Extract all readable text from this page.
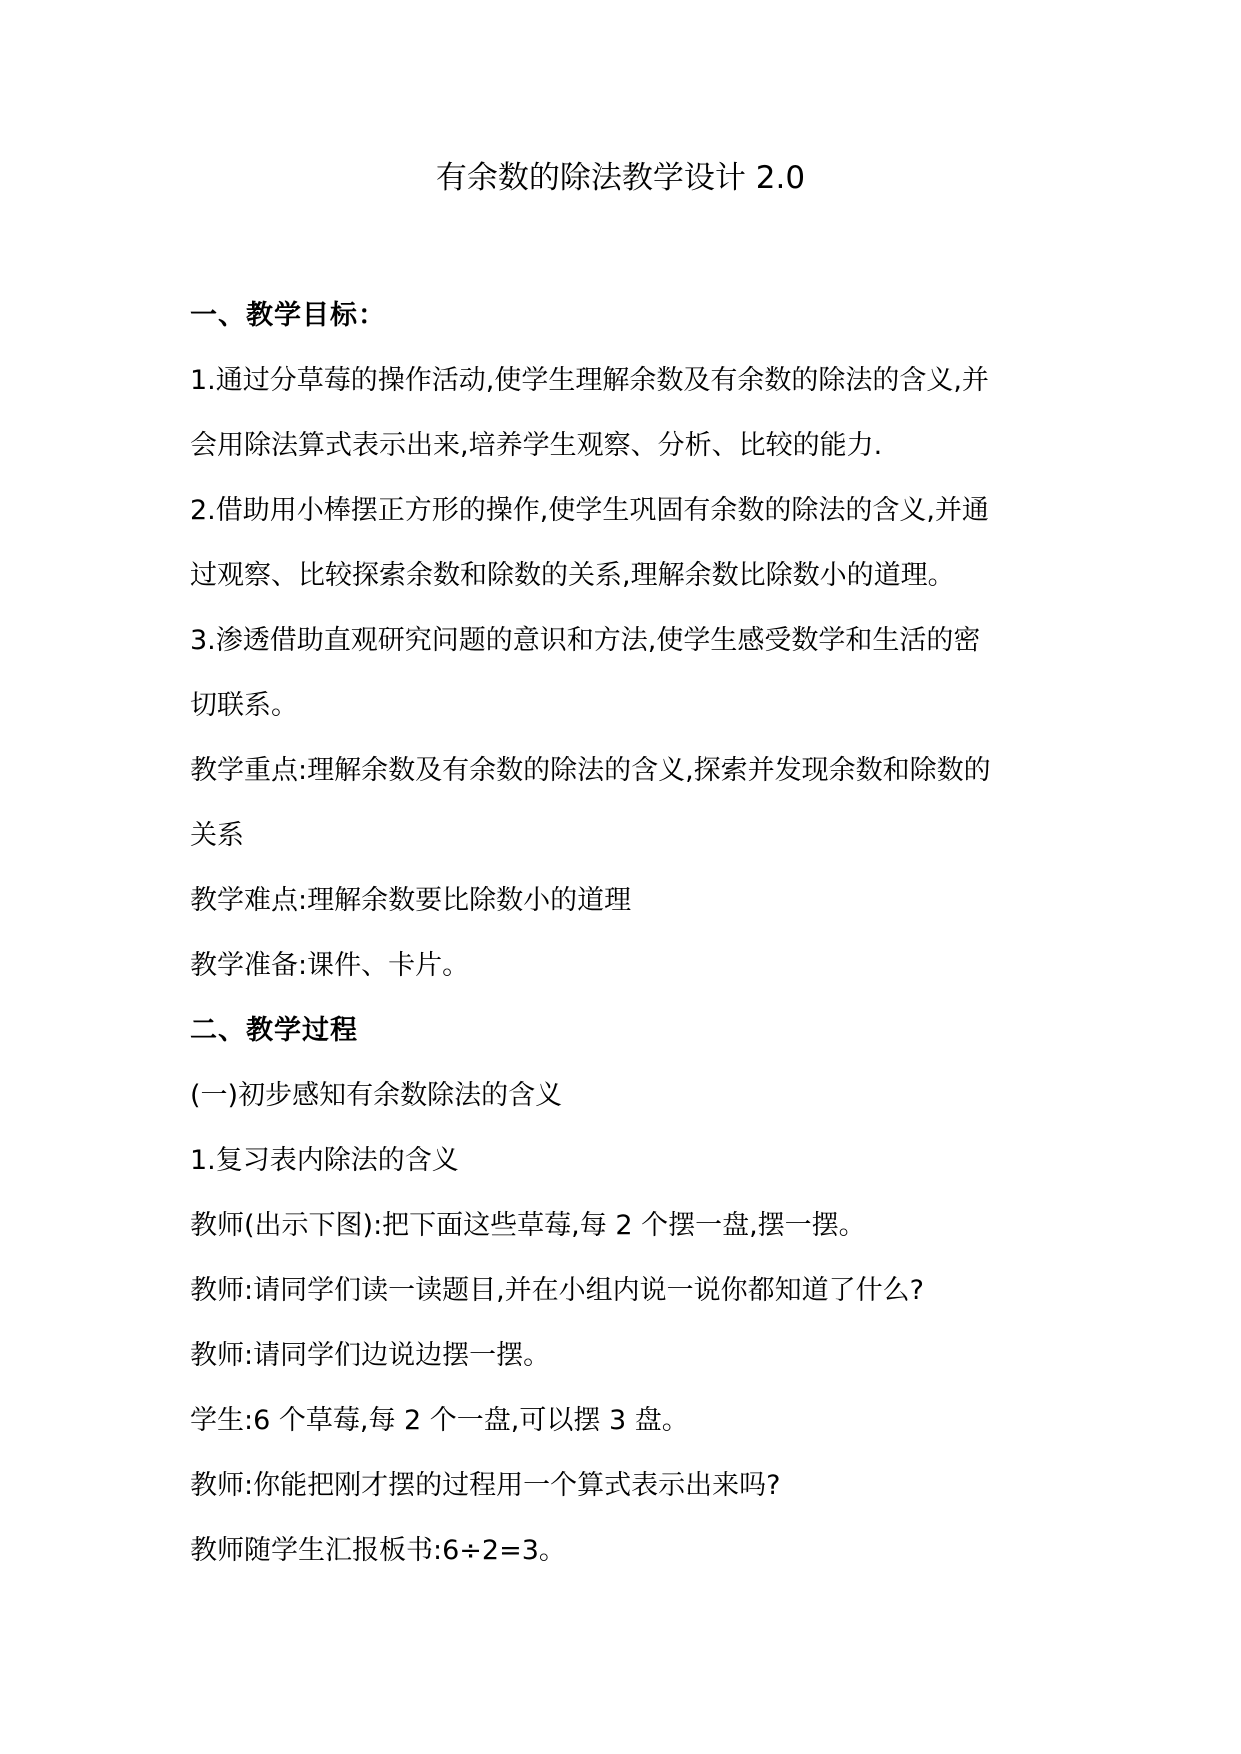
有余数的除法教学设计 2.0
一、教学目标：
1.通过分草莓的操作活动,使学生理解余数及有余数的除法的含义,并
会用除法算式表示出来,培养学生观察、分析、比较的能力.
2.借助用小棒摆正方形的操作,使学生巩固有余数的除法的含义,并通
过观察、比较探索余数和除数的关系,理解余数比除数小的道理。
3.渗透借助直观研究问题的意识和方法,使学生感受数学和生活的密
切联系。
教学重点:理解余数及有余数的除法的含义,探索并发现余数和除数的
关系
教学难点:理解余数要比除数小的道理
教学准备:课件、卡片。
二、教学过程
(一)初步感知有余数除法的含义
1.复习表内除法的含义
教师(出示下图):把下面这些草莓,每 2 个摆一盘,摆一摆。
教师:请同学们读一读题目,并在小组内说一说你都知道了什么?
教师:请同学们边说边摆一摆。
学生:6 个草莓,每 2 个一盘,可以摆 3 盘。
教师:你能把刚才摆的过程用一个算式表示出来吗?
教师随学生汇报板书:6÷2=3。
